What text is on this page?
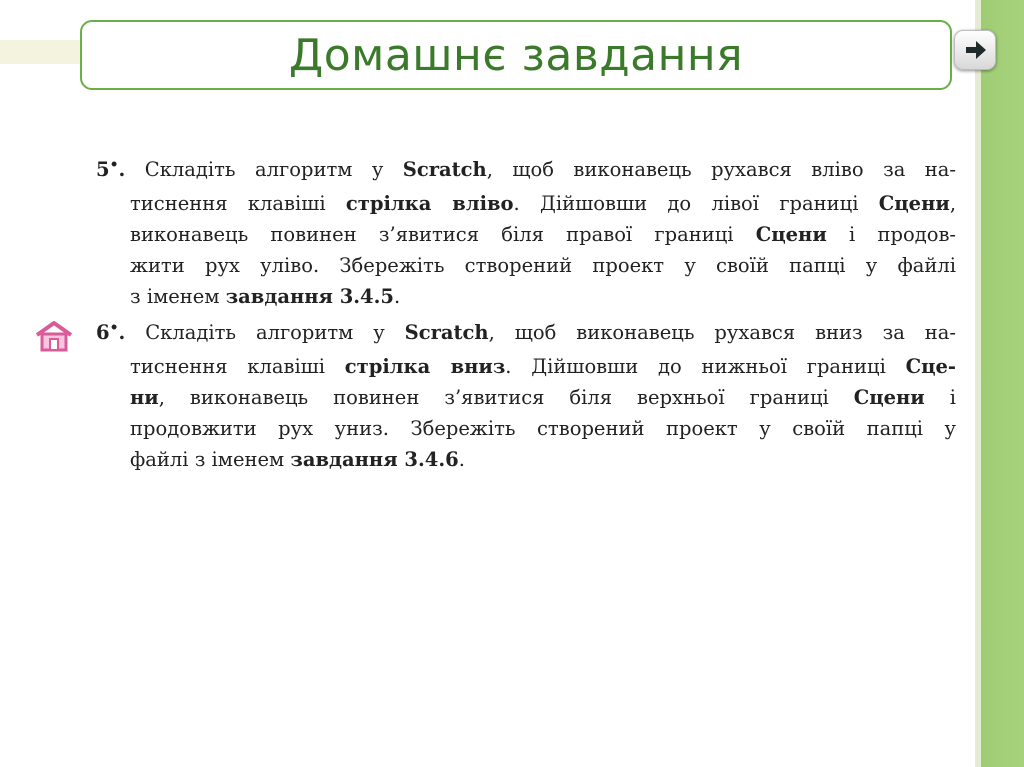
Домашнє завдання
5•. Складіть алгоритм у Scratch, щоб виконавець рухався вліво за на-
тиснення клавіші стрілка вліво. Дійшовши до лівої границі Сцени,
виконавець повинен з’явитися біля правої границі Сцени і продов-
жити рух уліво. Збережіть створений проект у своїй папці у файлі
з іменем завдання 3.4.5.
6•. Складіть алгоритм у Scratch, щоб виконавець рухався вниз за на-
тиснення клавіші стрілка вниз. Дійшовши до нижньої границі Сце-
ни, виконавець повинен з’явитися біля верхньої границі Сцени і
продовжити рух униз. Збережіть створений проект у своїй папці у
файлі з іменем завдання 3.4.6.
